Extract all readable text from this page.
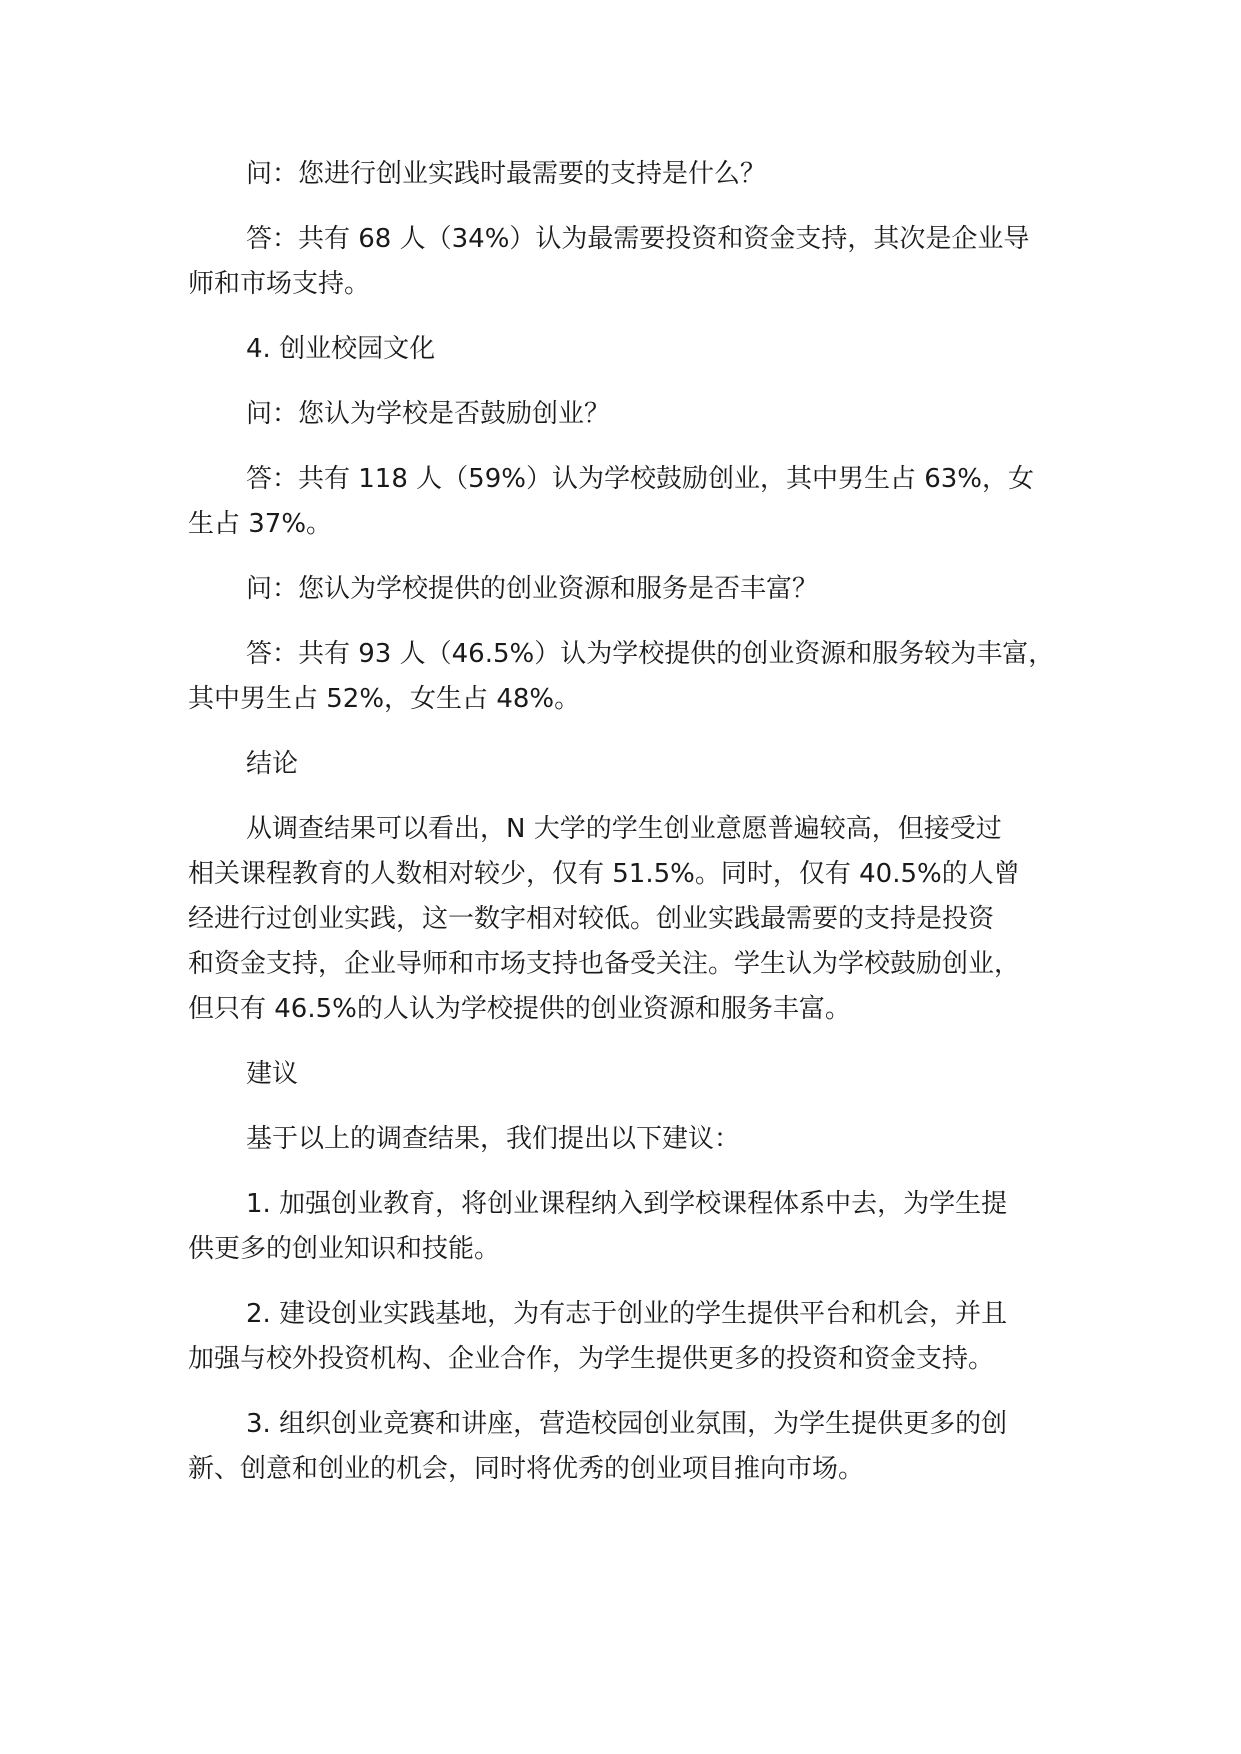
问：您进行创业实践时最需要的支持是什么？

答：共有 68 人（34%）认为最需要投资和资金支持，其次是企业导
师和市场支持。

4. 创业校园文化

问：您认为学校是否鼓励创业？

答：共有 118 人（59%）认为学校鼓励创业，其中男生占 63%，女
生占 37%。

问：您认为学校提供的创业资源和服务是否丰富？

答：共有 93 人（46.5%）认为学校提供的创业资源和服务较为丰富，
其中男生占 52%，女生占 48%。

结论

从调查结果可以看出，N 大学的学生创业意愿普遍较高，但接受过
相关课程教育的人数相对较少，仅有 51.5%。同时，仅有 40.5%的人曾
经进行过创业实践，这一数字相对较低。创业实践最需要的支持是投资
和资金支持，企业导师和市场支持也备受关注。学生认为学校鼓励创业，
但只有 46.5%的人认为学校提供的创业资源和服务丰富。

建议

基于以上的调查结果，我们提出以下建议：

1. 加强创业教育，将创业课程纳入到学校课程体系中去，为学生提
供更多的创业知识和技能。

2. 建设创业实践基地，为有志于创业的学生提供平台和机会，并且
加强与校外投资机构、企业合作，为学生提供更多的投资和资金支持。

3. 组织创业竞赛和讲座，营造校园创业氛围，为学生提供更多的创
新、创意和创业的机会，同时将优秀的创业项目推向市场。
